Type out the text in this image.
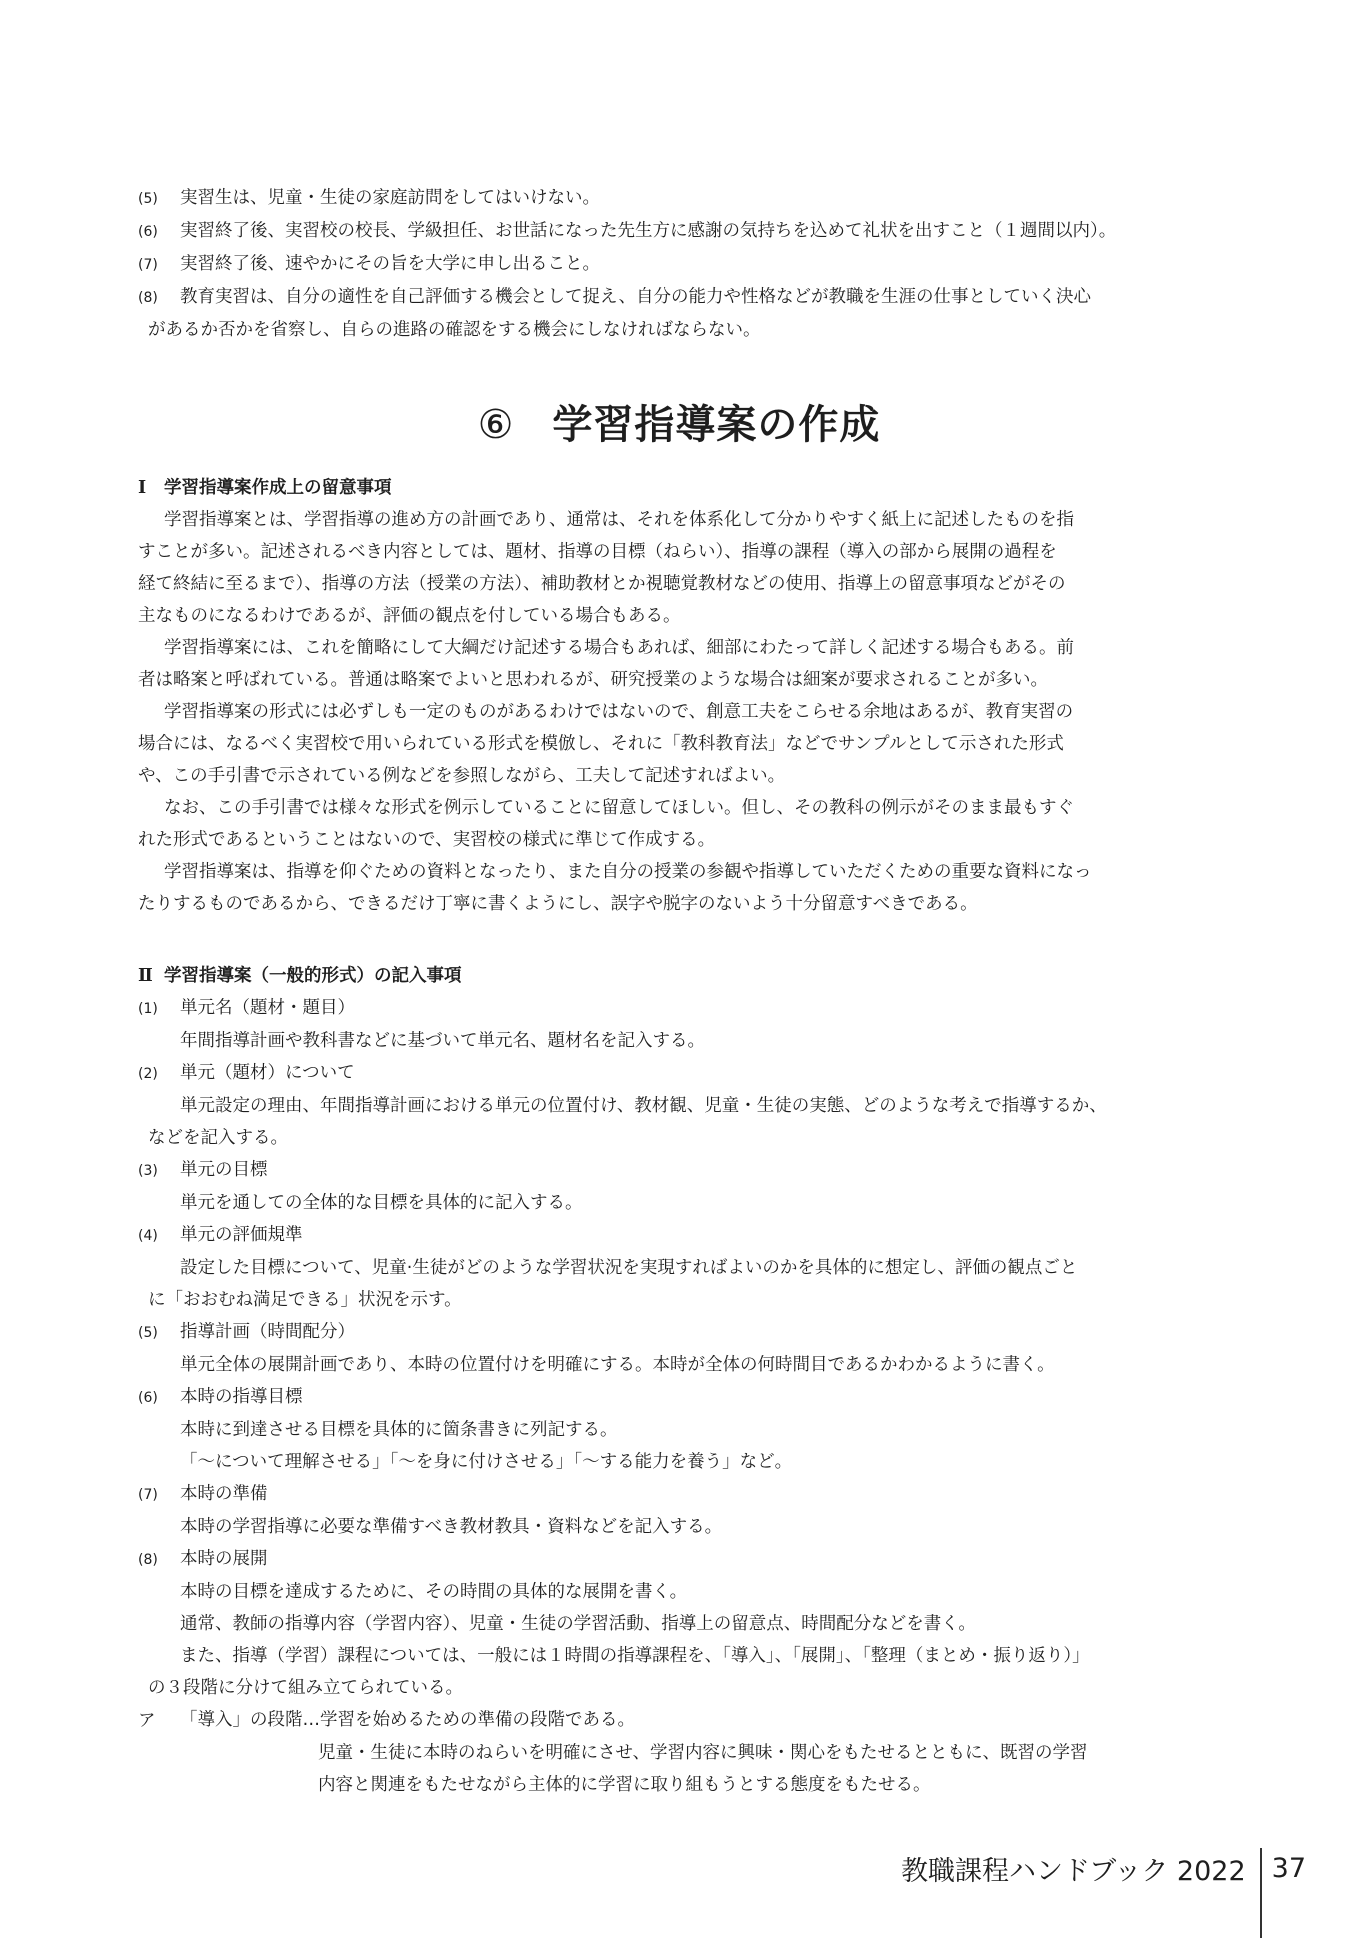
(5) 実習生は、児童・生徒の家庭訪問をしてはいけない。
(6) 実習終了後、実習校の校長、学級担任、お世話になった先生方に感謝の気持ちを込めて礼状を出すこと（１週間以内）。
(7) 実習終了後、速やかにその旨を大学に申し出ること。
(8) 教育実習は、自分の適性を自己評価する機会として捉え、自分の能力や性格などが教職を生涯の仕事としていく決心
があるか否かを省察し、自らの進路の確認をする機会にしなければならない。
⑥ 学習指導案の作成
Ⅰ 学習指導案作成上の留意事項
学習指導案とは、学習指導の進め方の計画であり、通常は、それを体系化して分かりやすく紙上に記述したものを指
すことが多い。記述されるべき内容としては、題材、指導の目標（ねらい）、指導の課程（導入の部から展開の過程を
経て終結に至るまで）、指導の方法（授業の方法）、補助教材とか視聴覚教材などの使用、指導上の留意事項などがその
主なものになるわけであるが、評価の観点を付している場合もある。
学習指導案には、これを簡略にして大綱だけ記述する場合もあれば、細部にわたって詳しく記述する場合もある。前
者は略案と呼ばれている。普通は略案でよいと思われるが、研究授業のような場合は細案が要求されることが多い。
学習指導案の形式には必ずしも一定のものがあるわけではないので、創意工夫をこらせる余地はあるが、教育実習の
場合には、なるべく実習校で用いられている形式を模倣し、それに「教科教育法」などでサンプルとして示された形式
や、この手引書で示されている例などを参照しながら、工夫して記述すればよい。
なお、この手引書では様々な形式を例示していることに留意してほしい。但し、その教科の例示がそのまま最もすぐ
れた形式であるということはないので、実習校の様式に準じて作成する。
学習指導案は、指導を仰ぐための資料となったり、また自分の授業の参観や指導していただくための重要な資料になっ
たりするものであるから、できるだけ丁寧に書くようにし、誤字や脱字のないよう十分留意すべきである。
Ⅱ 学習指導案（一般的形式）の記入事項
(1) 単元名（題材・題目）
年間指導計画や教科書などに基づいて単元名、題材名を記入する。
(2) 単元（題材）について
単元設定の理由、年間指導計画における単元の位置付け、教材観、児童・生徒の実態、どのような考えで指導するか、
などを記入する。
(3) 単元の目標
単元を通しての全体的な目標を具体的に記入する。
(4) 単元の評価規準
設定した目標について、児童·生徒がどのような学習状況を実現すればよいのかを具体的に想定し、評価の観点ごと
に「おおむね満足できる」状況を示す。
(5) 指導計画（時間配分）
単元全体の展開計画であり、本時の位置付けを明確にする。本時が全体の何時間目であるかわかるように書く。
(6) 本時の指導目標
本時に到達させる目標を具体的に箇条書きに列記する。
「〜について理解させる」「〜を身に付けさせる」「〜する能力を養う」など。
(7) 本時の準備
本時の学習指導に必要な準備すべき教材教具・資料などを記入する。
(8) 本時の展開
本時の目標を達成するために、その時間の具体的な展開を書く。
通常、教師の指導内容（学習内容）、児童・生徒の学習活動、指導上の留意点、時間配分などを書く。
また、指導（学習）課程については、一般には１時間の指導課程を、「導入」、「展開」、「整理（まとめ・振り返り）」
の３段階に分けて組み立てられている。
ア	「導入」の段階…学習を始めるための準備の段階である。
児童・生徒に本時のねらいを明確にさせ、学習内容に興味・関心をもたせるとともに、既習の学習
内容と関連をもたせながら主体的に学習に取り組もうとする態度をもたせる。
教職課程ハンドブック 2022 37
